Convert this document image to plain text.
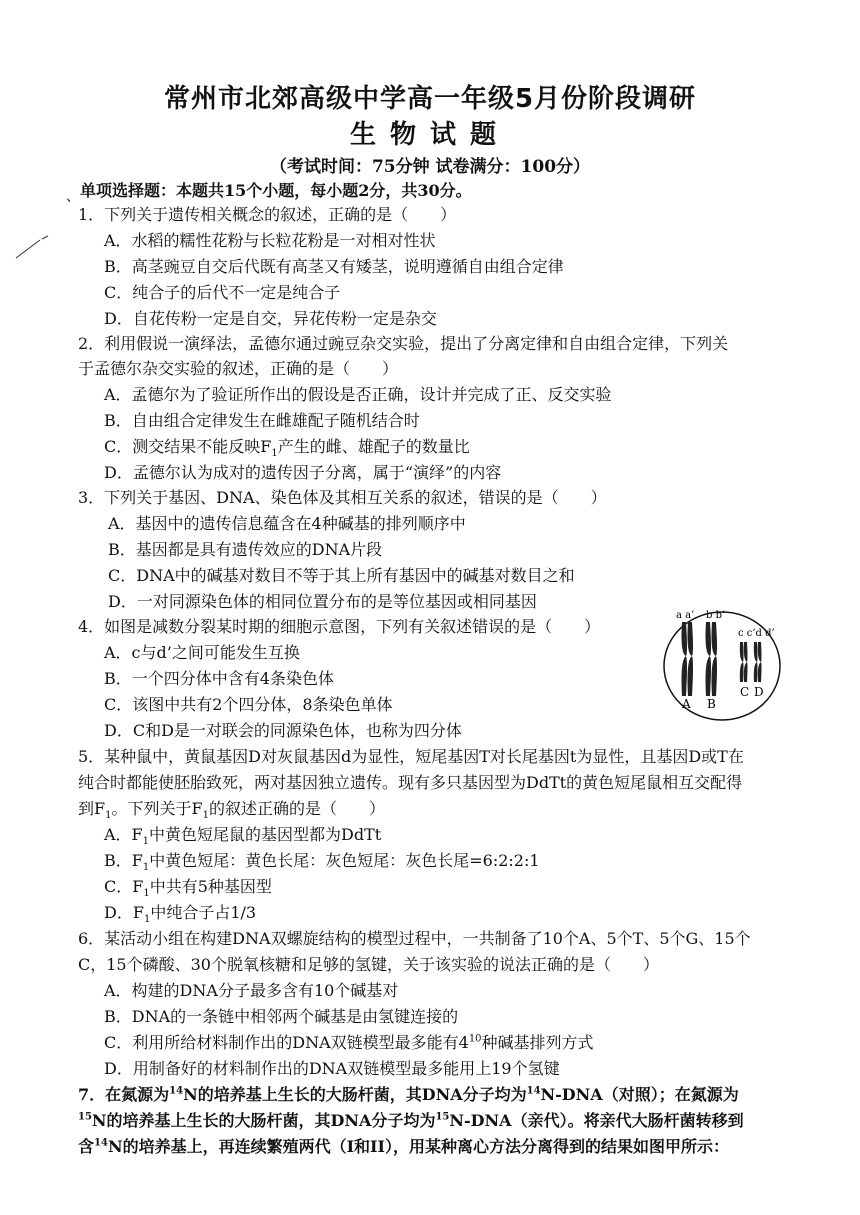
常州市北郊高级中学高一年级5月份阶段调研
生物试题
（考试时间：75分钟 试卷满分：100分）
、 单项选择题：本题共15个小题，每小题2分，共30分。
1．下列关于遗传相关概念的叙述，正确的是（　　）
A．水稻的糯性花粉与长粒花粉是一对相对性状
B．高茎豌豆自交后代既有高茎又有矮茎，说明遵循自由组合定律
C．纯合子的后代不一定是纯合子
D．自花传粉一定是自交，异花传粉一定是杂交
2．利用假说一演绎法，孟德尔通过豌豆杂交实验，提出了分离定律和自由组合定律，下列关
于孟德尔杂交实验的叙述，正确的是（　　）
A．孟德尔为了验证所作出的假设是否正确，设计并完成了正、反交实验
B．自由组合定律发生在雌雄配子随机结合时
C．测交结果不能反映$F_1$产生的雌、雄配子的数量比
D．孟德尔认为成对的遗传因子分离，属于“演绎”的内容
3．下列关于基因、DNA、染色体及其相互关系的叙述，错误的是（　　）
A．基因中的遗传信息蕴含在4种碱基的排列顺序中
B．基因都是具有遗传效应的DNA片段
C．DNA中的碱基对数目不等于其上所有基因中的碱基对数目之和
D．一对同源染色体的相同位置分布的是等位基因或相同基因
4．如图是减数分裂某时期的细胞示意图，下列有关叙述错误的是（　　）
A．c与d’之间可能发生互换
B．一个四分体中含有4条染色体
C．该图中共有2个四分体，8条染色单体
D．C和D是一对联会的同源染色体，也称为四分体
a a’ b b’
c c’d d’
A B
C D
5．某种鼠中，黄鼠基因D对灰鼠基因d为显性，短尾基因T对长尾基因t为显性，且基因D或T在
纯合时都能使胚胎致死，两对基因独立遗传。现有多只基因型为DdTt的黄色短尾鼠相互交配得
到$F_1$。下列关于$F_1$的叙述正确的是（　　）
A．$F_1$中黄色短尾鼠的基因型都为DdTt
B．$F_1$中黄色短尾：黄色长尾：灰色短尾：灰色长尾=6:2:2:1
C．$F_1$中共有5种基因型
D．$F_1$中纯合子占1/3
6．某活动小组在构建DNA双螺旋结构的模型过程中，一共制备了10个A、5个T、5个G、15个
C，15个磷酸、30个脱氧核糖和足够的氢键，关于该实验的说法正确的是（　　）
A．构建的DNA分子最多含有10个碱基对
B．DNA的一条链中相邻两个碱基是由氢键连接的
C．利用所给材料制作出的DNA双链模型最多能有$4^{10}$种碱基排列方式
D．用制备好的材料制作出的DNA双链模型最多能用上19个氢键
7．在氮源为$^{14}$N的培养基上生长的大肠杆菌，其DNA分子均为$^{14}$N-DNA（对照）；在氮源为
$^{15}$N的培养基上生长的大肠杆菌，其DNA分子均为$^{15}$N-DNA（亲代）。将亲代大肠杆菌转移到
含$^{14}$N的培养基上，再连续繁殖两代（I和II），用某种离心方法分离得到的结果如图甲所示：
